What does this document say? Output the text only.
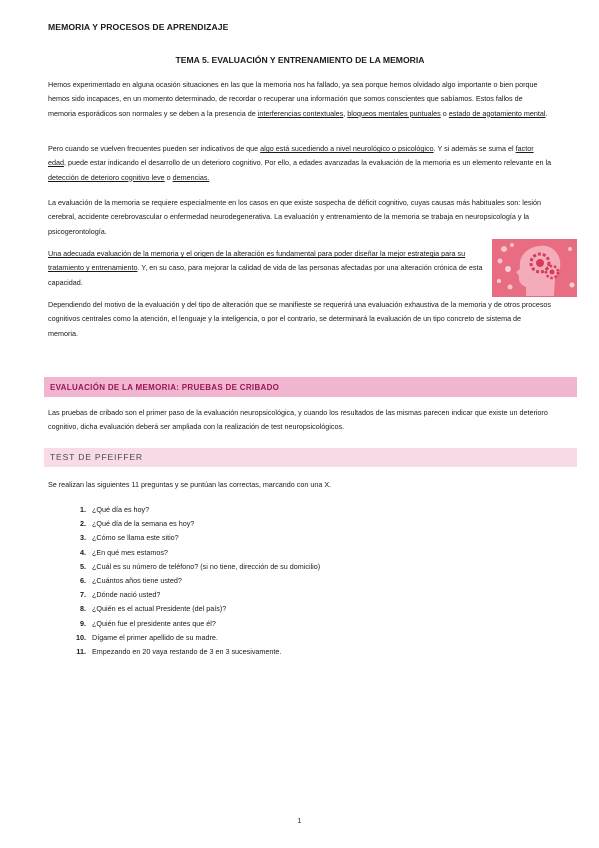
MEMORIA Y PROCESOS DE APRENDIZAJE
TEMA 5. EVALUACIÓN Y ENTRENAMIENTO DE LA MEMORIA

Hemos experimentado en alguna ocasión situaciones en las que la memoria nos ha fallado, ya sea porque hemos olvidado algo importante o bien porque hemos sido incapaces, en un momento determinado, de recordar o recuperar una información que somos conscientes que sabíamos. Estos fallos de memoria esporádicos son normales y se deben a la presencia de interferencias contextuales, bloqueos mentales puntuales o estado de agotamiento mental.

Pero cuando se vuelven frecuentes pueden ser indicativos de que algo está sucediendo a nivel neurológico o psicológico. Y si además se suma el factor edad, puede estar indicando el desarrollo de un deterioro cognitivo. Por ello, a edades avanzadas la evaluación de la memoria es un elemento relevante en la detección de deterioro cognitivo leve o demencias.

La evaluación de la memoria se requiere especialmente en los casos en que existe sospecha de déficit cognitivo, cuyas causas más habituales son: lesión cerebral, accidente cerebrovascular o enfermedad neurodegenerativa. La evaluación y entrenamiento de la memoria se trabaja en neuropsicología y la psicogerontología.

Una adecuada evaluación de la memoria y el origen de la alteración es fundamental para poder diseñar la mejor estrategia para su tratamiento y entrenamiento. Y, en su caso, para mejorar la calidad de vida de las personas afectadas por una alteración crónica de esta capacidad.

Dependiendo del motivo de la evaluación y del tipo de alteración que se manifieste se requerirá una evaluación exhaustiva de la memoria y de otros procesos cognitivos centrales como la atención, el lenguaje y la inteligencia, o por el contrario, se determinará la evaluación de un tipo concreto de sistema de memoria.

EVALUACIÓN DE LA MEMORIA: PRUEBAS DE CRIBADO

Las pruebas de cribado son el primer paso de la evaluación neuropsicológica, y cuando los resultados de las mismas parecen indicar que existe un deterioro cognitivo, dicha evaluación deberá ser ampliada con la realización de test neuropsicológicos.

TEST DE PFEIFFER
Se realizan las siguientes 11 preguntas y se puntúan las correctas, marcando con una X.
1. ¿Qué día es hoy?
2. ¿Qué día de la semana es hoy?
3. ¿Cómo se llama este sitio?
4. ¿En qué mes estamos?
5. ¿Cuál es su número de teléfono? (si no tiene, dirección de su domicilio)
6. ¿Cuántos años tiene usted?
7. ¿Dónde nació usted?
8. ¿Quién es el actual Presidente (del país)?
9. ¿Quién fue el presidente antes que él?
10. Dígame el primer apellido de su madre.
11. Empezando en 20 vaya restando de 3 en 3 sucesivamente.
1
